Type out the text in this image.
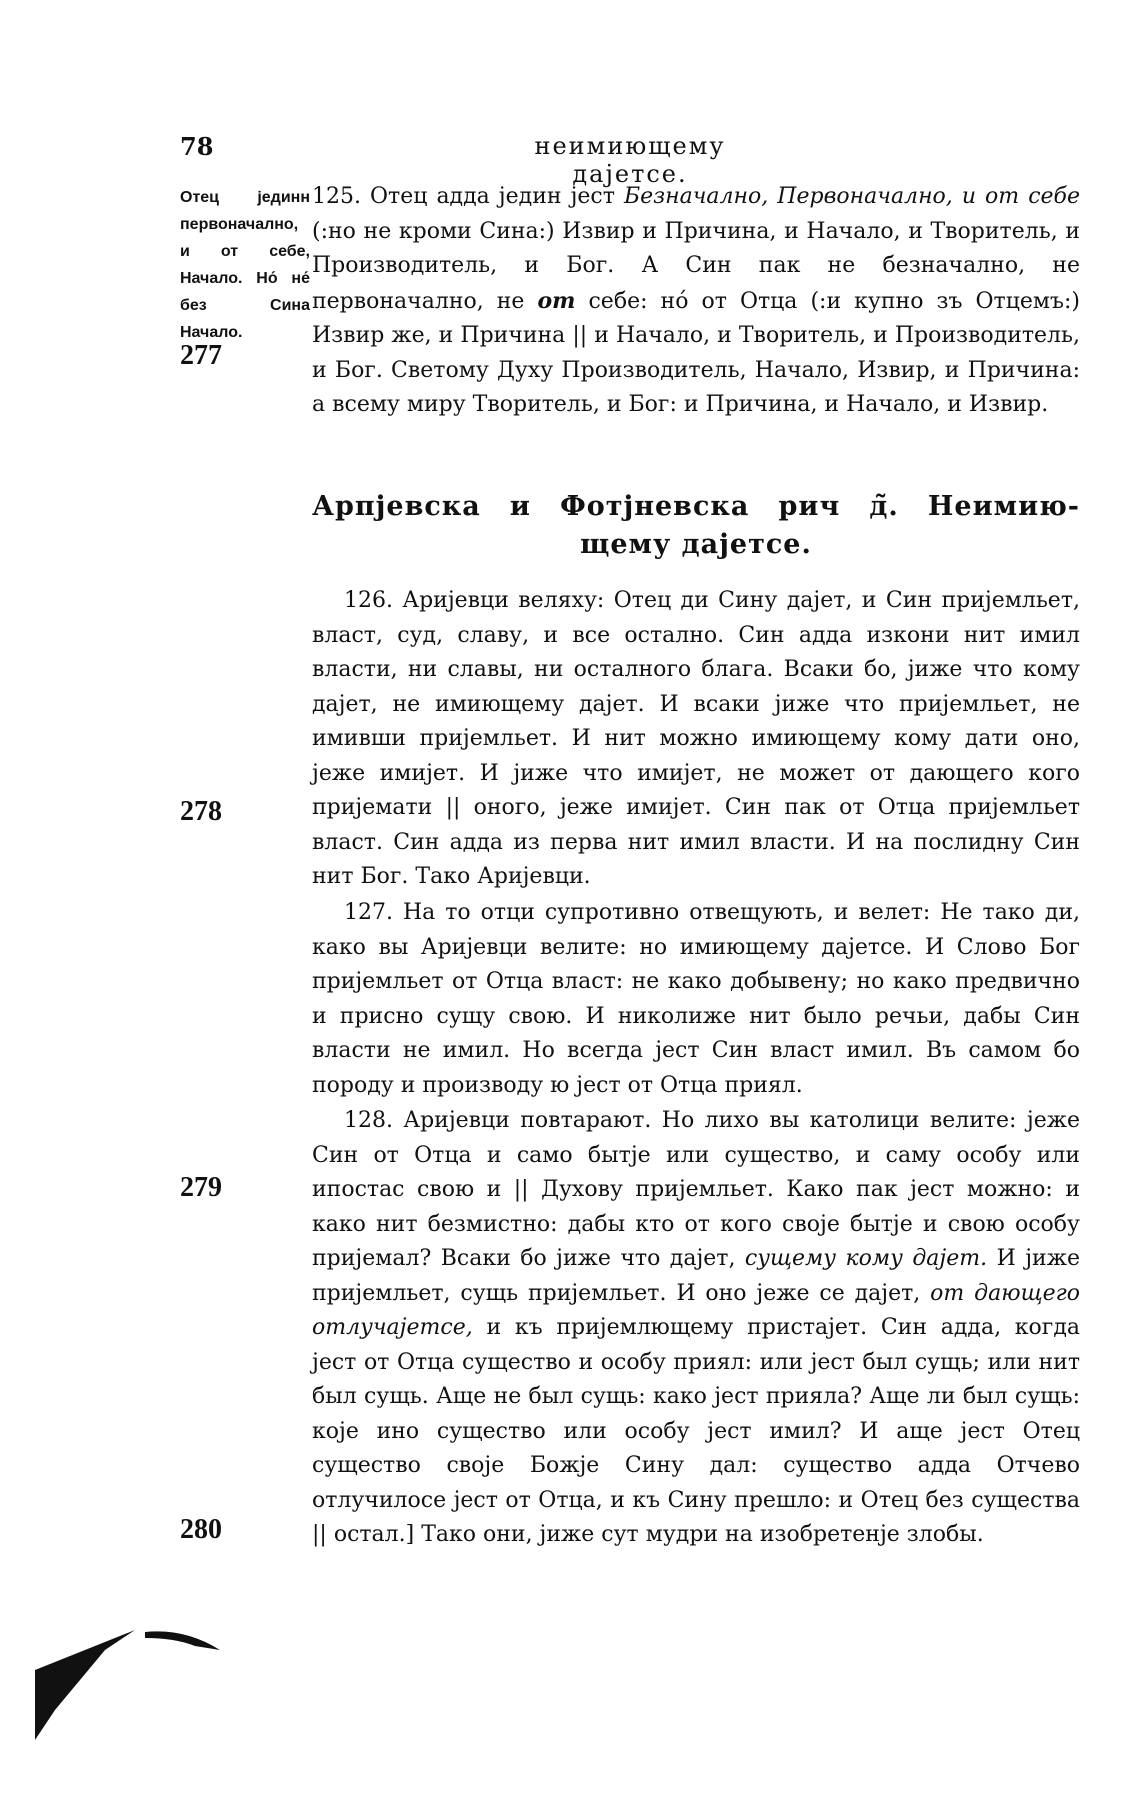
78	неимиющему даjетсе.
Отец јединн первоначално, и от себе, Начало. Но́ не́ без Сина Начало.
277
278
279
280

125. Отец адда једин јест Безначално, Первоначално, и от себе (:но не кроми Сина:) Извир и Причина, и Начало, и Творитель, и Производитель, и Бог. А Син пак не безначално, не первоначално, не от себе: но́ от Отца (:и купно зъ Отцемъ:) Извир же, и Причина || и Начало, и Творитель, и Производитель, и Бог. Светому Духу Производитель, Начало, Извир, и Причина: а всему миру Творитель, и Бог: и Причина, и Начало, и Извир.

Арпјевска и Фотјневска рич д̃. Неимию-
щему даjетсе.

126. Аријевци веляху: Отец ди Сину даjет, и Син пријемльет, власт, суд, славу, и все остално. Син адда изкони нит имил власти, ни славы, ни осталного блага. Всаки бо, јиже что кому даjет, не имиющему даjет. И всаки јиже что пријемльет, не имивши пријемльет. И нит можно имиющему кому дати оно, јеже имијет. И јиже что имијет, не может от дающего кого пријемати || оного, јеже имијет. Син пак от Отца пријемльет власт. Син адда из перва нит имил власти. И на послидну Син нит Бог. Тако Аријевци.

127. На то отци супротивно отвещують, и велет: Не тако ди, како вы Аријевци велите: но имиющему даjетсе. И Слово Бог пријемльет от Отца власт: не како добывену; но како предвично и присно сущу свою. И николиже нит было речьи, дабы Син власти не имил. Но всегда јест Син власт имил. Въ самом бо породу и производу ю јест от Отца приял.

128. Аријевци повтарают. Но лихо вы католици велите: јеже Син от Отца и само бытје или существо, и саму особу или ипостас свою и || Духову пријемльет. Како пак јест можно: и како нит безмистно: дабы кто от кого своје бытје и свою особу пријемал? Всаки бо јиже что даjет, сущему кому даjет. И јиже пријемльет, сущь пријемльет. И оно јеже се даjет, от дающего отлучаjетсе, и къ пријемлющему пристаjет. Син адда, когда јест от Отца существо и особу приял: или јест был сущь; или нит был сущь. Аще не был сущь: како јест прияла? Аще ли был сущь: које ино существо или особу јест имил? И аще јест Отец существо своје Божје Сину дал: существо адда Отчево отлучилосе јест от Отца, и къ Сину прешло: и Отец без существа || остал.] Тако они, јиже сут мудри на изобретенје злобы.
